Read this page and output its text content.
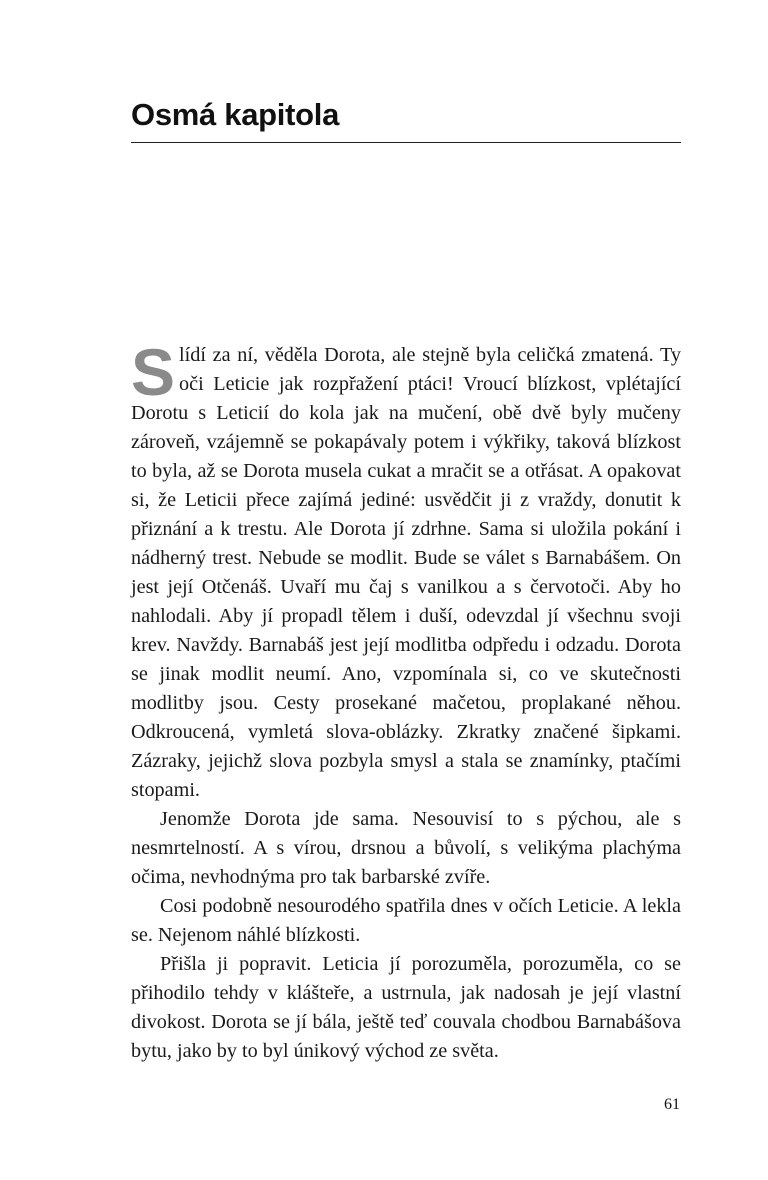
Osmá kapitola

Slídí za ní, věděla Dorota, ale stejně byla celičká zmatená. Ty oči Leticie jak rozpřažení ptáci! Vroucí blízkost, vplétající Dorotu s Leticií do kola jak na mučení, obě dvě byly mučeny zároveň, vzájemně se pokapávaly potem i výkřiky, taková blízkost to byla, až se Dorota musela cukat a mračit se a otřásat. A opakovat si, že Leticii přece zajímá jediné: usvědčit ji z vraždy, donutit k přiznání a k trestu. Ale Dorota jí zdrhne. Sama si uložila pokání i nádherný trest. Nebude se modlit. Bude se válet s Barnabášem. On jest její Otčenáš. Uvaří mu čaj s vanilkou a s červotoči. Aby ho nahlodali. Aby jí propadl tělem i duší, odevzdal jí všechnu svoji krev. Navždy. Barnabáš jest její modlitba odpředu i odzadu. Dorota se jinak modlit neumí. Ano, vzpomínala si, co ve skutečnosti modlitby jsou. Cesty prosekané mačetou, proplakané něhou. Odkroucená, vymletá slova-oblázky. Zkratky značené šipkami. Zázraky, jejichž slova pozbyla smysl a stala se znamínky, ptačími stopami.

Jenomže Dorota jde sama. Nesouvisí to s pýchou, ale s nesmrtelností. A s vírou, drsnou a bůvolí, s velikýma plachýma očima, nevhodnýma pro tak barbarské zvíře.

Cosi podobně nesourodého spatřila dnes v očích Leticie. A lekla se. Nejenom náhlé blízkosti.

Přišla ji popravit. Leticia jí porozuměla, porozuměla, co se přihodilo tehdy v klášteře, a ustrnula, jak nadosah je její vlastní divokost. Dorota se jí bála, ještě teď couvala chodbou Barnabášova bytu, jako by to byl únikový východ ze světa.

61
